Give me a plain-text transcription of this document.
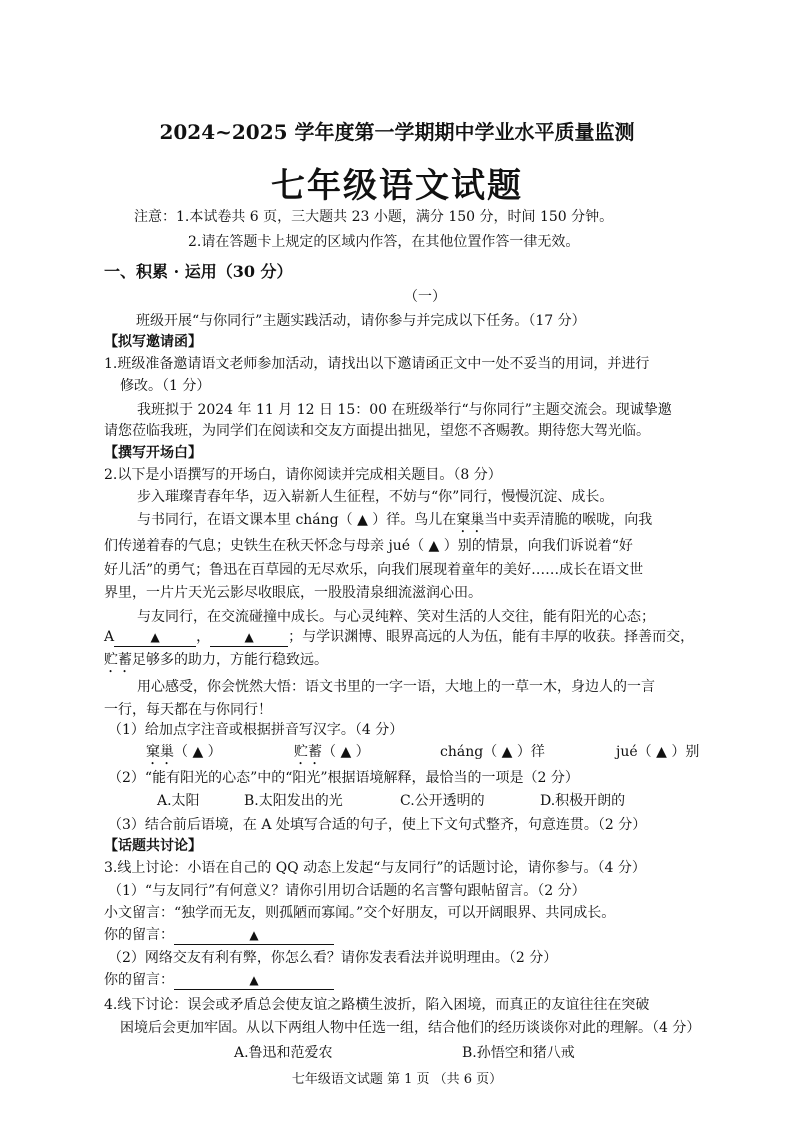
2024~2025 学年度第一学期期中学业水平质量监测
七年级语文试题
注意：1.本试卷共 6 页，三大题共 23 小题，满分 150 分，时间 150 分钟。
2.请在答题卡上规定的区域内作答，在其他位置作答一律无效。
一、积累 · 运用（30 分）
（一）
班级开展“与你同行”主题实践活动，请你参与并完成以下任务。（17 分）
【拟写邀请函】
1.班级准备邀请语文老师参加活动，请找出以下邀请函正文中一处不妥当的用词，并进行
修改。（1 分）
我班拟于 2024 年 11 月 12 日 15：00 在班级举行“与你同行”主题交流会。现诚挚邀
请您莅临我班，为同学们在阅读和交友方面提出拙见，望您不吝赐教。期待您大驾光临。
【撰写开场白】
2.以下是小语撰写的开场白，请你阅读并完成相关题目。（8 分）
步入璀璨青春年华，迈入崭新人生征程，不妨与“你”同行，慢慢沉淀、成长。
与书同行，在语文课本里 cháng（ ▲ ）徉。鸟儿在窠巢当中卖弄清脆的喉咙，向我
们传递着春的气息；史铁生在秋天怀念与母亲 jué（ ▲ ）别的情景，向我们诉说着“好
好儿活”的勇气；鲁迅在百草园的无尽欢乐，向我们展现着童年的美好……成长在语文世
界里，一片片天光云影尽收眼底，一股股清泉细流滋润心田。
与友同行，在交流碰撞中成长。与心灵纯粹、笑对生活的人交往，能有阳光的心态；
A	▲	，	▲ ；与学识渊博、眼界高远的人为伍，能有丰厚的收获。择善而交，
贮蓄足够多的助力，方能行稳致远。
用心感受，你会恍然大悟：语文书里的一字一语，大地上的一草一木，身边人的一言
一行，每天都在与你同行！
（1）给加点字注音或根据拼音写汉字。（4 分）
窠巢（ ▲ ）	贮蓄（ ▲ ）	cháng（ ▲ ）徉	jué（ ▲ ）别
（2）“能有阳光的心态”中的“阳光”根据语境解释，最恰当的一项是（2 分）
A.太阳	B.太阳发出的光	C.公开透明的	D.积极开朗的
（3）结合前后语境，在 A 处填写合适的句子，使上下文句式整齐，句意连贯。（2 分）
【话题共讨论】
3.线上讨论：小语在自己的 QQ 动态上发起“与友同行”的话题讨论，请你参与。（4 分）
（1）“与友同行”有何意义？请你引用切合话题的名言警句跟帖留言。（2 分）
小文留言：“独学而无友，则孤陋而寡闻。”交个好朋友，可以开阔眼界、共同成长。
你的留言：	▲
（2）网络交友有利有弊，你怎么看？请你发表看法并说明理由。（2 分）
你的留言：	▲
4.线下讨论：误会或矛盾总会使友谊之路横生波折，陷入困境，而真正的友谊往往在突破
困境后会更加牢固。从以下两组人物中任选一组，结合他们的经历谈谈你对此的理解。（4 分）
A.鲁迅和范爱农	B.孙悟空和猪八戒
七年级语文试题 第 1 页 （共 6 页）
